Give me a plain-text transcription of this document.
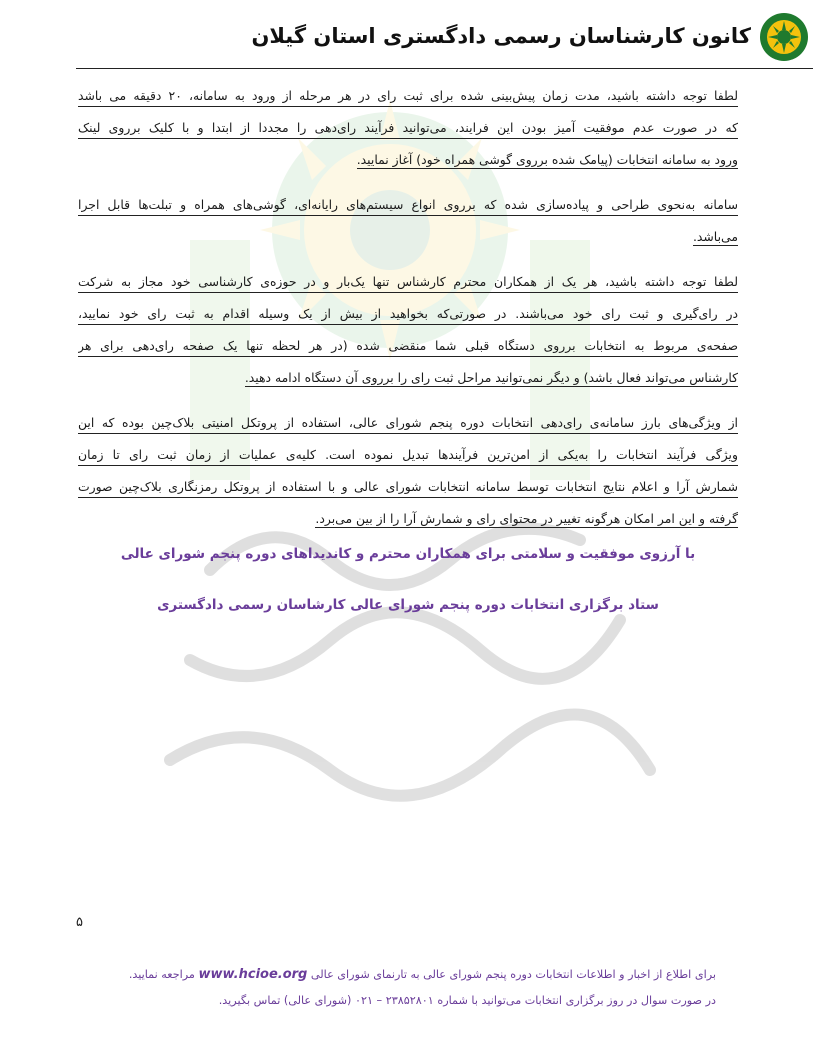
کانون کارشناسان رسمی دادگستری استان گیلان
لطفا توجه داشته باشید، مدت زمان پیش‌بینی شده برای ثبت رای در هر مرحله از ورود به سامانه، ۲۰ دقیقه می باشد
که در صورت عدم موفقیت آمیز بودن این فرایند، می‌توانید فرآیند رای‌دهی را مجددا از ابتدا و با کلیک برروی لینک
ورود به سامانه انتخابات (پیامک شده برروی گوشی همراه خود) آغاز نمایید.
سامانه به‌نحوی طراحی و پیاده‌سازی شده که برروی انواع سیستم‌های رایانه‌ای، گوشی‌های همراه و تبلت‌ها قابل اجرا
می‌باشد.
لطفا توجه داشته باشید، هر یک از همکاران محترم کارشناس تنها یک‌بار و در حوزه‌ی کارشناسی خود مجاز به شرکت
در رای‌گیری و ثبت رای خود می‌باشند. در صورتی‌که بخواهید از بیش از یک وسیله اقدام به ثبت رای خود نمایید،
صفحه‌ی مربوط به انتخابات برروی دستگاه قبلی شما منقضی شده (در هر لحظه تنها یک صفحه رای‌دهی برای هر
کارشناس می‌تواند فعال باشد) و دیگر نمی‌توانید مراحل ثبت رای را برروی آن دستگاه ادامه دهید.
از ویژگی‌های بارز سامانه‌ی رای‌دهی انتخابات دوره پنجم شورای عالی، استفاده از پروتکل امنیتی بلاک‌چین بوده که این
ویژگی فرآیند انتخابات را به‌یکی از امن‌ترین فرآیندها تبدیل نموده است. کلیه‌ی عملیات از زمان ثبت رای تا زمان
شمارش آرا و اعلام نتایج انتخابات توسط سامانه انتخابات شورای عالی و با استفاده از پروتکل رمزنگاری بلاک‌چین صورت
گرفته و این امر امکان هرگونه تغییر در محتوای رای و شمارش آرا را از بین می‌برد.
با آرزوی موفقیت و سلامتی برای همکاران محترم و کاندیداهای دوره پنجم شورای عالی
ستاد برگزاری انتخابات دوره پنجم شورای عالی کارشاسان رسمی دادگستری
۵
برای اطلاع از اخبار و اطلاعات انتخابات دوره پنجم شورای عالی به تارنمای شورای عالی www.hcioe.org مراجعه نمایید.
در صورت سوال در روز برگزاری انتخابات می‌توانید با شماره ۲۳۸۵۲۸۰۱ – ۰۲۱ (شورای عالی) تماس بگیرید.
